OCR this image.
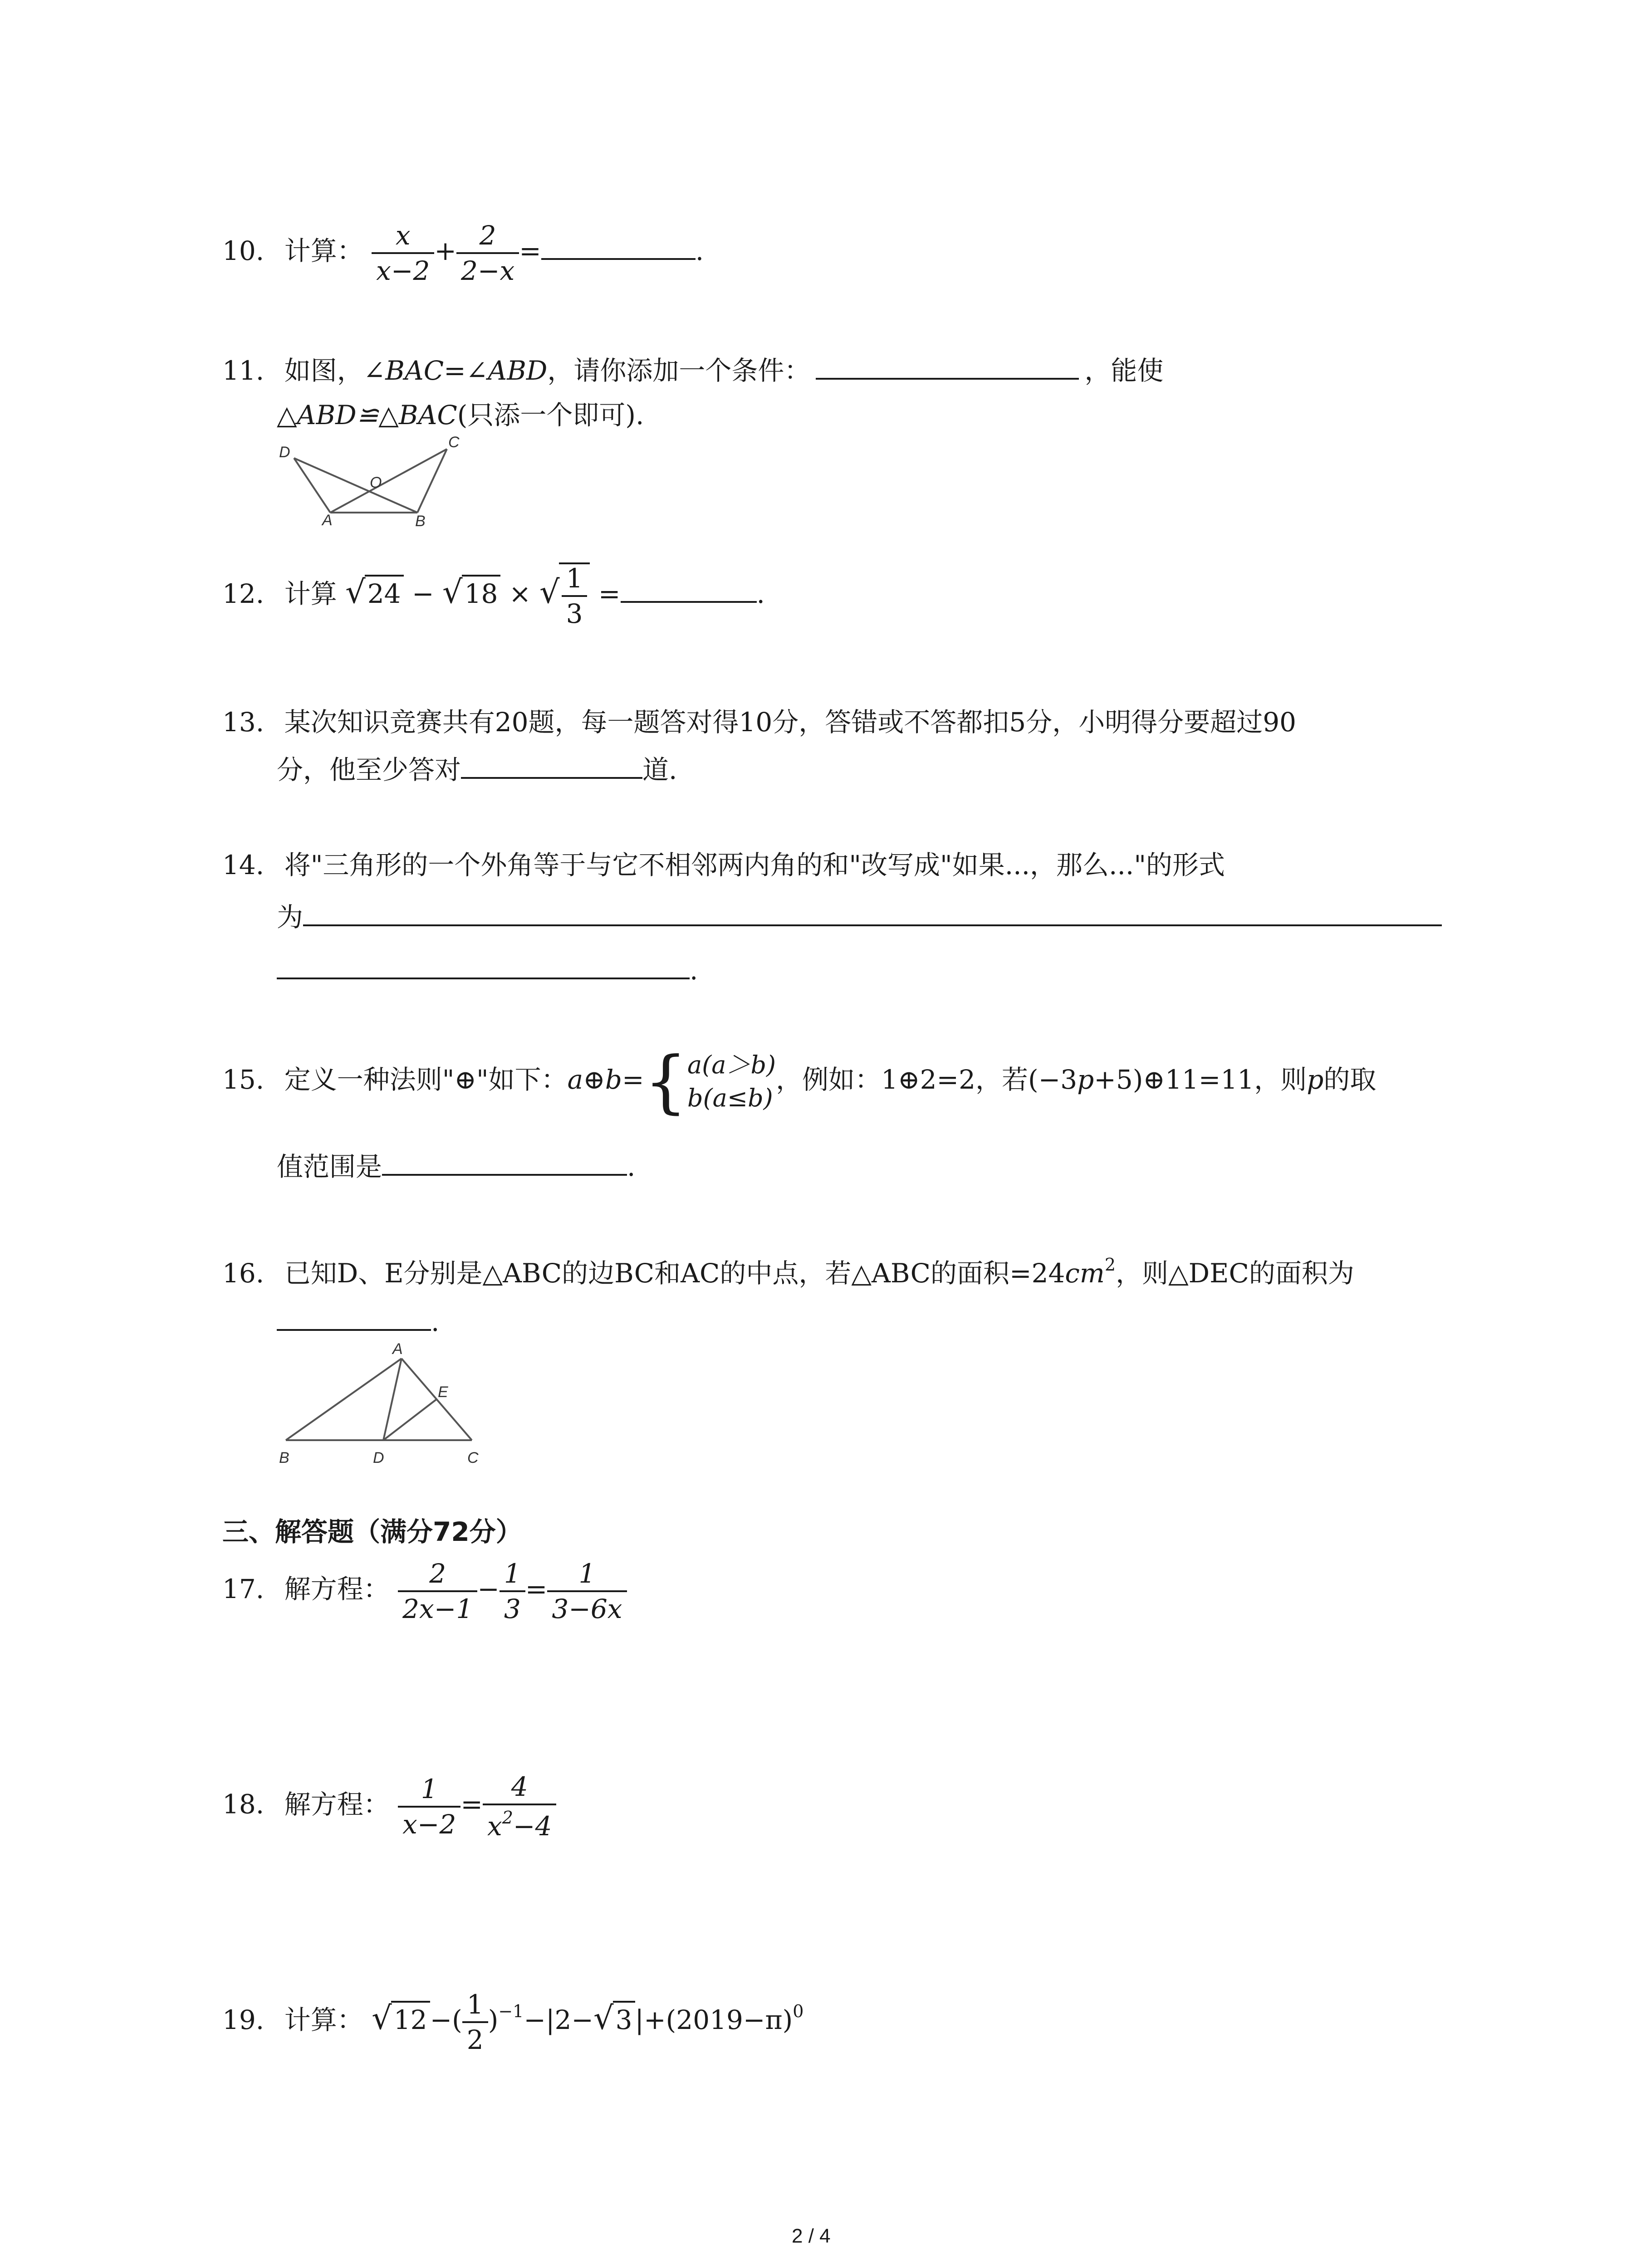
10. 计算： $\frac{x}{x-2} + \frac{2}{2-x}$ =	.
11. 如图，∠BAC=∠ABD，请你添加一个条件：	，能使
△ABD≌△BAC(只添一个即可).
D
C
O
A	B
12. 计算 √24 − √18 × √ $\frac{1}{3}$ =	.
13. 某次知识竞赛共有20题，每一题答对得10分，答错或不答都扣5分，小明得分要超过90
分，他至少答对	道.
14. 将"三角形的一个外角等于与它不相邻两内角的和"改写成"如果...，那么..."的形式
为
.
15. 定义一种法则"⊕"如下：a⊕b={ a(a＞b)
b(a≤b)
，例如：1⊕2=2，若(−3p+5)⊕11=11，则p的取
值范围是	.
16. 已知D、E分别是△ABC的边BC和AC的中点，若△ABC的面积$=24cm^2$，则△DEC的面积为
.
A
E
B	D	C
三、解答题（满分72分）
17. 解方程： $\frac{2}{2x-1} - \frac{1}{3} = \frac{1}{3-6x}$
18. 解方程： $\frac{1}{x-2} = \frac{4}{x^2-4}$
19. 计算： √12 −( $\frac{1}{2} )^{-1}-|2-√3$ $|+(2019-\pi)^0$
2 / 4
